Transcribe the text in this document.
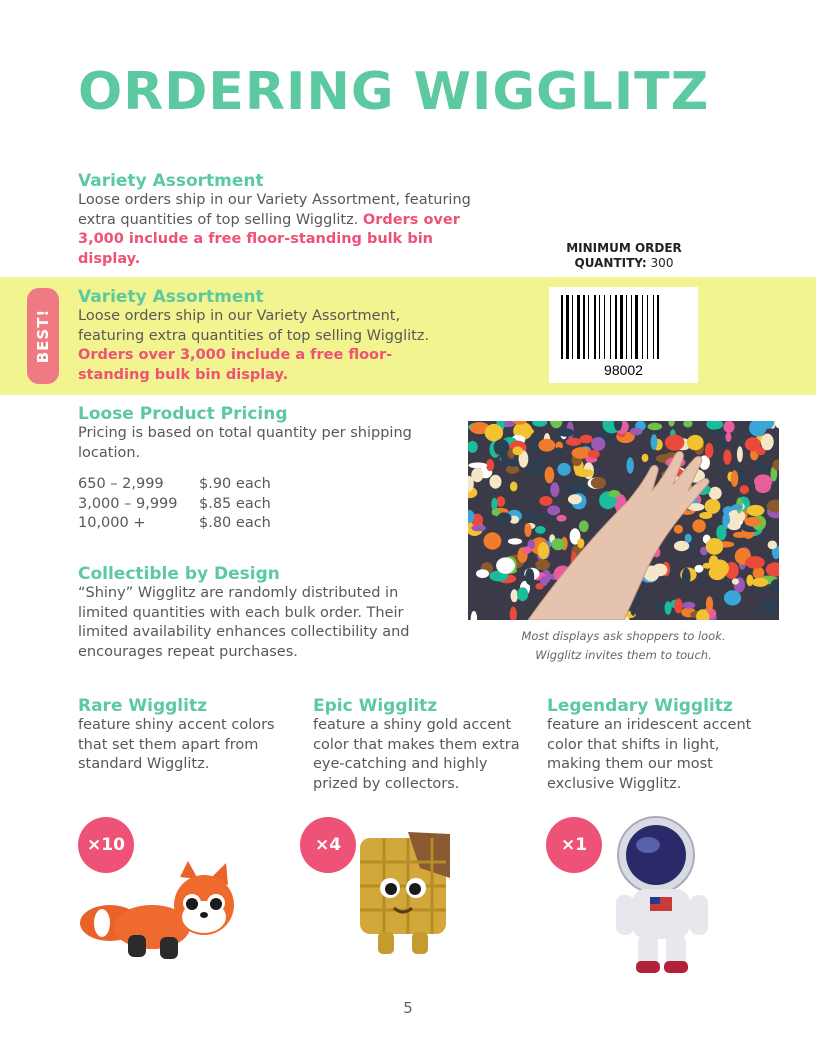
ORDERING WIGGLITZ

Variety Assortment

Loose orders ship in our Variety Assortment, featuring extra quantities of top selling Wigglitz. Orders over 3,000 include a free floor-standing bulk bin display.

MINIMUM ORDER QUANTITY: 300
BEST!

Variety Assortment

Loose orders ship in our Variety Assortment, featuring extra quantities of top selling Wigglitz. Orders over 3,000 include a free floor-standing bulk bin display.	98002

Loose Product Pricing

Pricing is based on total quantity per shipping location.

650 – 2,999	$.90 each
3,000 – 9,999	$.85 each
10,000 +	$.80 each

Collectible by Design

“Shiny” Wigglitz are randomly distributed in limited quantities with each bulk order. Their limited availability enhances collectibility and encourages repeat purchases.

Most displays ask shoppers to look.
Wigglitz invites them to touch.

Rare Wigglitz

feature shiny accent colors that set them apart from standard Wigglitz.

Epic Wigglitz

feature a shiny gold accent color that makes them extra eye-catching and highly prized by collectors.

Legendary Wigglitz

feature an iridescent accent color that shifts in light, making them our most exclusive Wigglitz.

×10	×4	×1
5
